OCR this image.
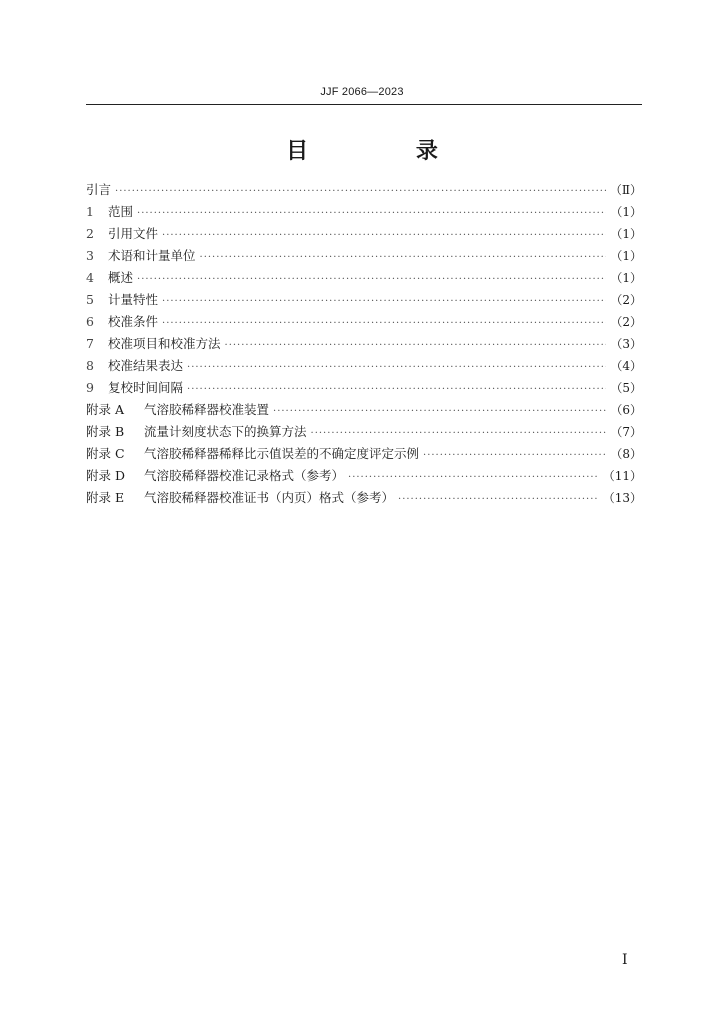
JJF 2066—2023
目 录
引言 ·····	（Ⅱ）
1	范围 ·····	（1）
2	引用文件 ·····	（1）
3	术语和计量单位 ·····	（1）
4	概述 ·····	（1）
5	计量特性 ·····	（2）
6	校准条件 ·····	（2）
7	校准项目和校准方法 ·····	（3）
8	校准结果表达 ·····	（4）
9	复校时间间隔 ·····	（5）
附录 A	气溶胶稀释器校准装置 ·····	（6）
附录 B	流量计刻度状态下的换算方法 ·····	（7）
附录 C	气溶胶稀释器稀释比示值误差的不确定度评定示例 ·····	（8）
附录 D	气溶胶稀释器校准记录格式（参考） ·····	（11）
附录 E	气溶胶稀释器校准证书（内页）格式（参考） ·····	（13）
Ⅰ
